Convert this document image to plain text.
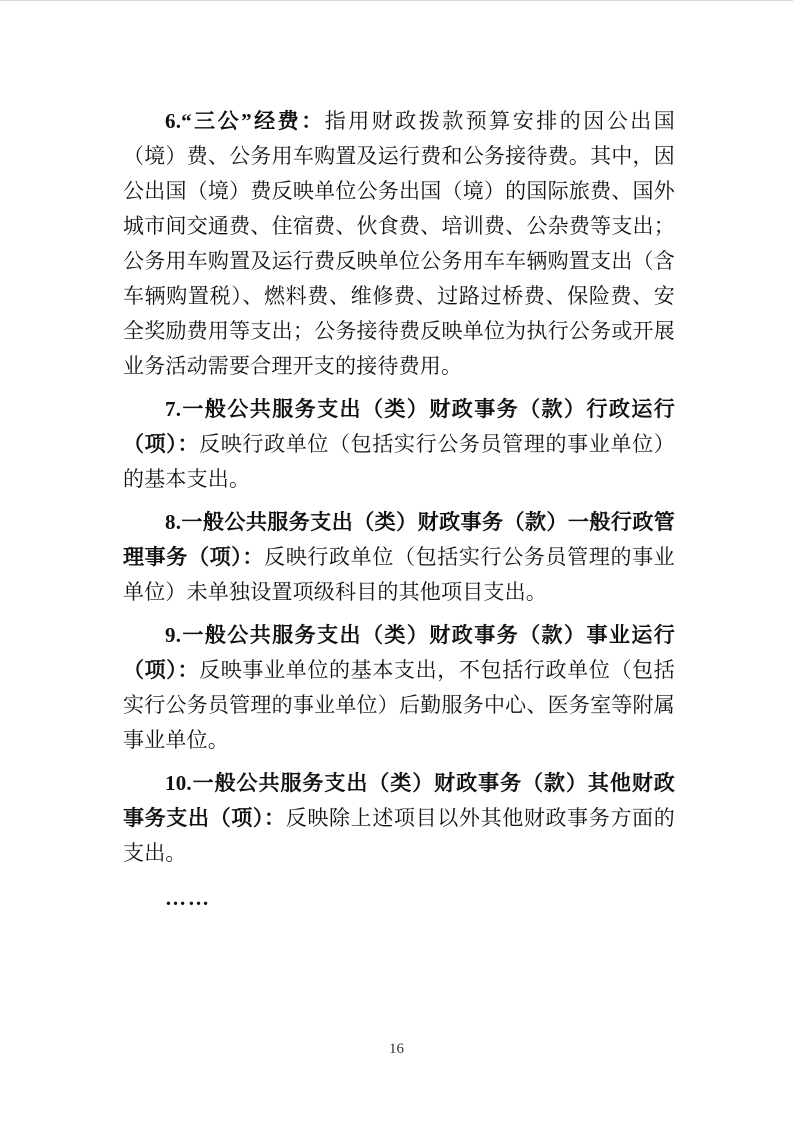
6.“三公”经费：指用财政拨款预算安排的因公出国（境）费、公务用车购置及运行费和公务接待费。其中，因公出国（境）费反映单位公务出国（境）的国际旅费、国外城市间交通费、住宿费、伙食费、培训费、公杂费等支出；公务用车购置及运行费反映单位公务用车车辆购置支出（含车辆购置税）、燃料费、维修费、过路过桥费、保险费、安全奖励费用等支出；公务接待费反映单位为执行公务或开展业务活动需要合理开支的接待费用。

7.一般公共服务支出（类）财政事务（款）行政运行（项）：反映行政单位（包括实行公务员管理的事业单位）的基本支出。

8.一般公共服务支出（类）财政事务（款）一般行政管理事务（项）：反映行政单位（包括实行公务员管理的事业单位）未单独设置项级科目的其他项目支出。

9.一般公共服务支出（类）财政事务（款）事业运行（项）：反映事业单位的基本支出，不包括行政单位（包括实行公务员管理的事业单位）后勤服务中心、医务室等附属事业单位。

10.一般公共服务支出（类）财政事务（款）其他财政事务支出（项）：反映除上述项目以外其他财政事务方面的支出。

……

16
